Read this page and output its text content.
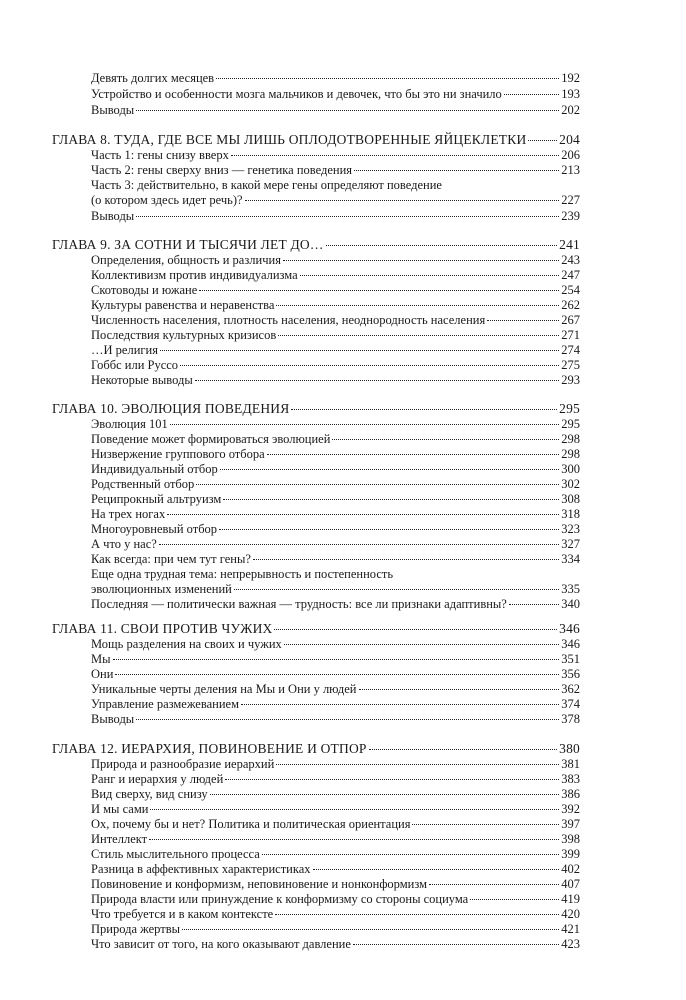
Девять долгих месяцев	192
Устройство и особенности мозга мальчиков и девочек, что бы это ни значило	193
Выводы	202
ГЛАВА 8. ТУДА, ГДЕ ВСЕ МЫ ЛИШЬ ОПЛОДОТВОРЕННЫЕ ЯЙЦЕКЛЕТКИ 204
Часть 1: гены снизу вверх	206
Часть 2: гены сверху вниз — генетика поведения	213
Часть 3: действительно, в какой мере гены определяют поведение
(о котором здесь идет речь)?	227
Выводы	239
ГЛАВА 9. ЗА СОТНИ И ТЫСЯЧИ ЛЕТ ДО…	241
Определения, общность и различия	243
Коллективизм против индивидуализма	247
Скотоводы и южане	254
Культуры равенства и неравенства	262
Численность населения, плотность населения, неоднородность населения	267
Последствия культурных кризисов	271
…И религия	274
Гоббс или Руссо	275
Некоторые выводы	293
ГЛАВА 10. ЭВОЛЮЦИЯ ПОВЕДЕНИЯ	295
Эволюция 101	295
Поведение может формироваться эволюцией	298
Низвержение группового отбора	298
Индивидуальный отбор	300
Родственный отбор	302
Реципрокный альтруизм	308
На трех ногах	318
Многоуровневый отбор	323
А что у нас?	327
Как всегда: при чем тут гены?	334
Еще одна трудная тема: непрерывность и постепенность
эволюционных изменений	335
Последняя — политически важная — трудность: все ли признаки адаптивны?	340
ГЛАВА 11. СВОИ ПРОТИВ ЧУЖИХ	346
Мощь разделения на своих и чужих	346
Мы	351
Они	356
Уникальные черты деления на Мы и Они у людей	362
Управление размежеванием	374
Выводы	378
ГЛАВА 12. ИЕРАРХИЯ, ПОВИНОВЕНИЕ И ОТПОР	380
Природа и разнообразие иерархий	381
Ранг и иерархия у людей	383
Вид сверху, вид снизу	386
И мы сами	392
Ох, почему бы и нет? Политика и политическая ориентация	397
Интеллект	398
Стиль мыслительного процесса	399
Разница в аффективных характеристиках	402
Повиновение и конформизм, неповиновение и нонконформизм	407
Природа власти или принуждение к конформизму со стороны социума	419
Что требуется и в каком контексте	420
Природа жертвы	421
Что зависит от того, на кого оказывают давление	423
